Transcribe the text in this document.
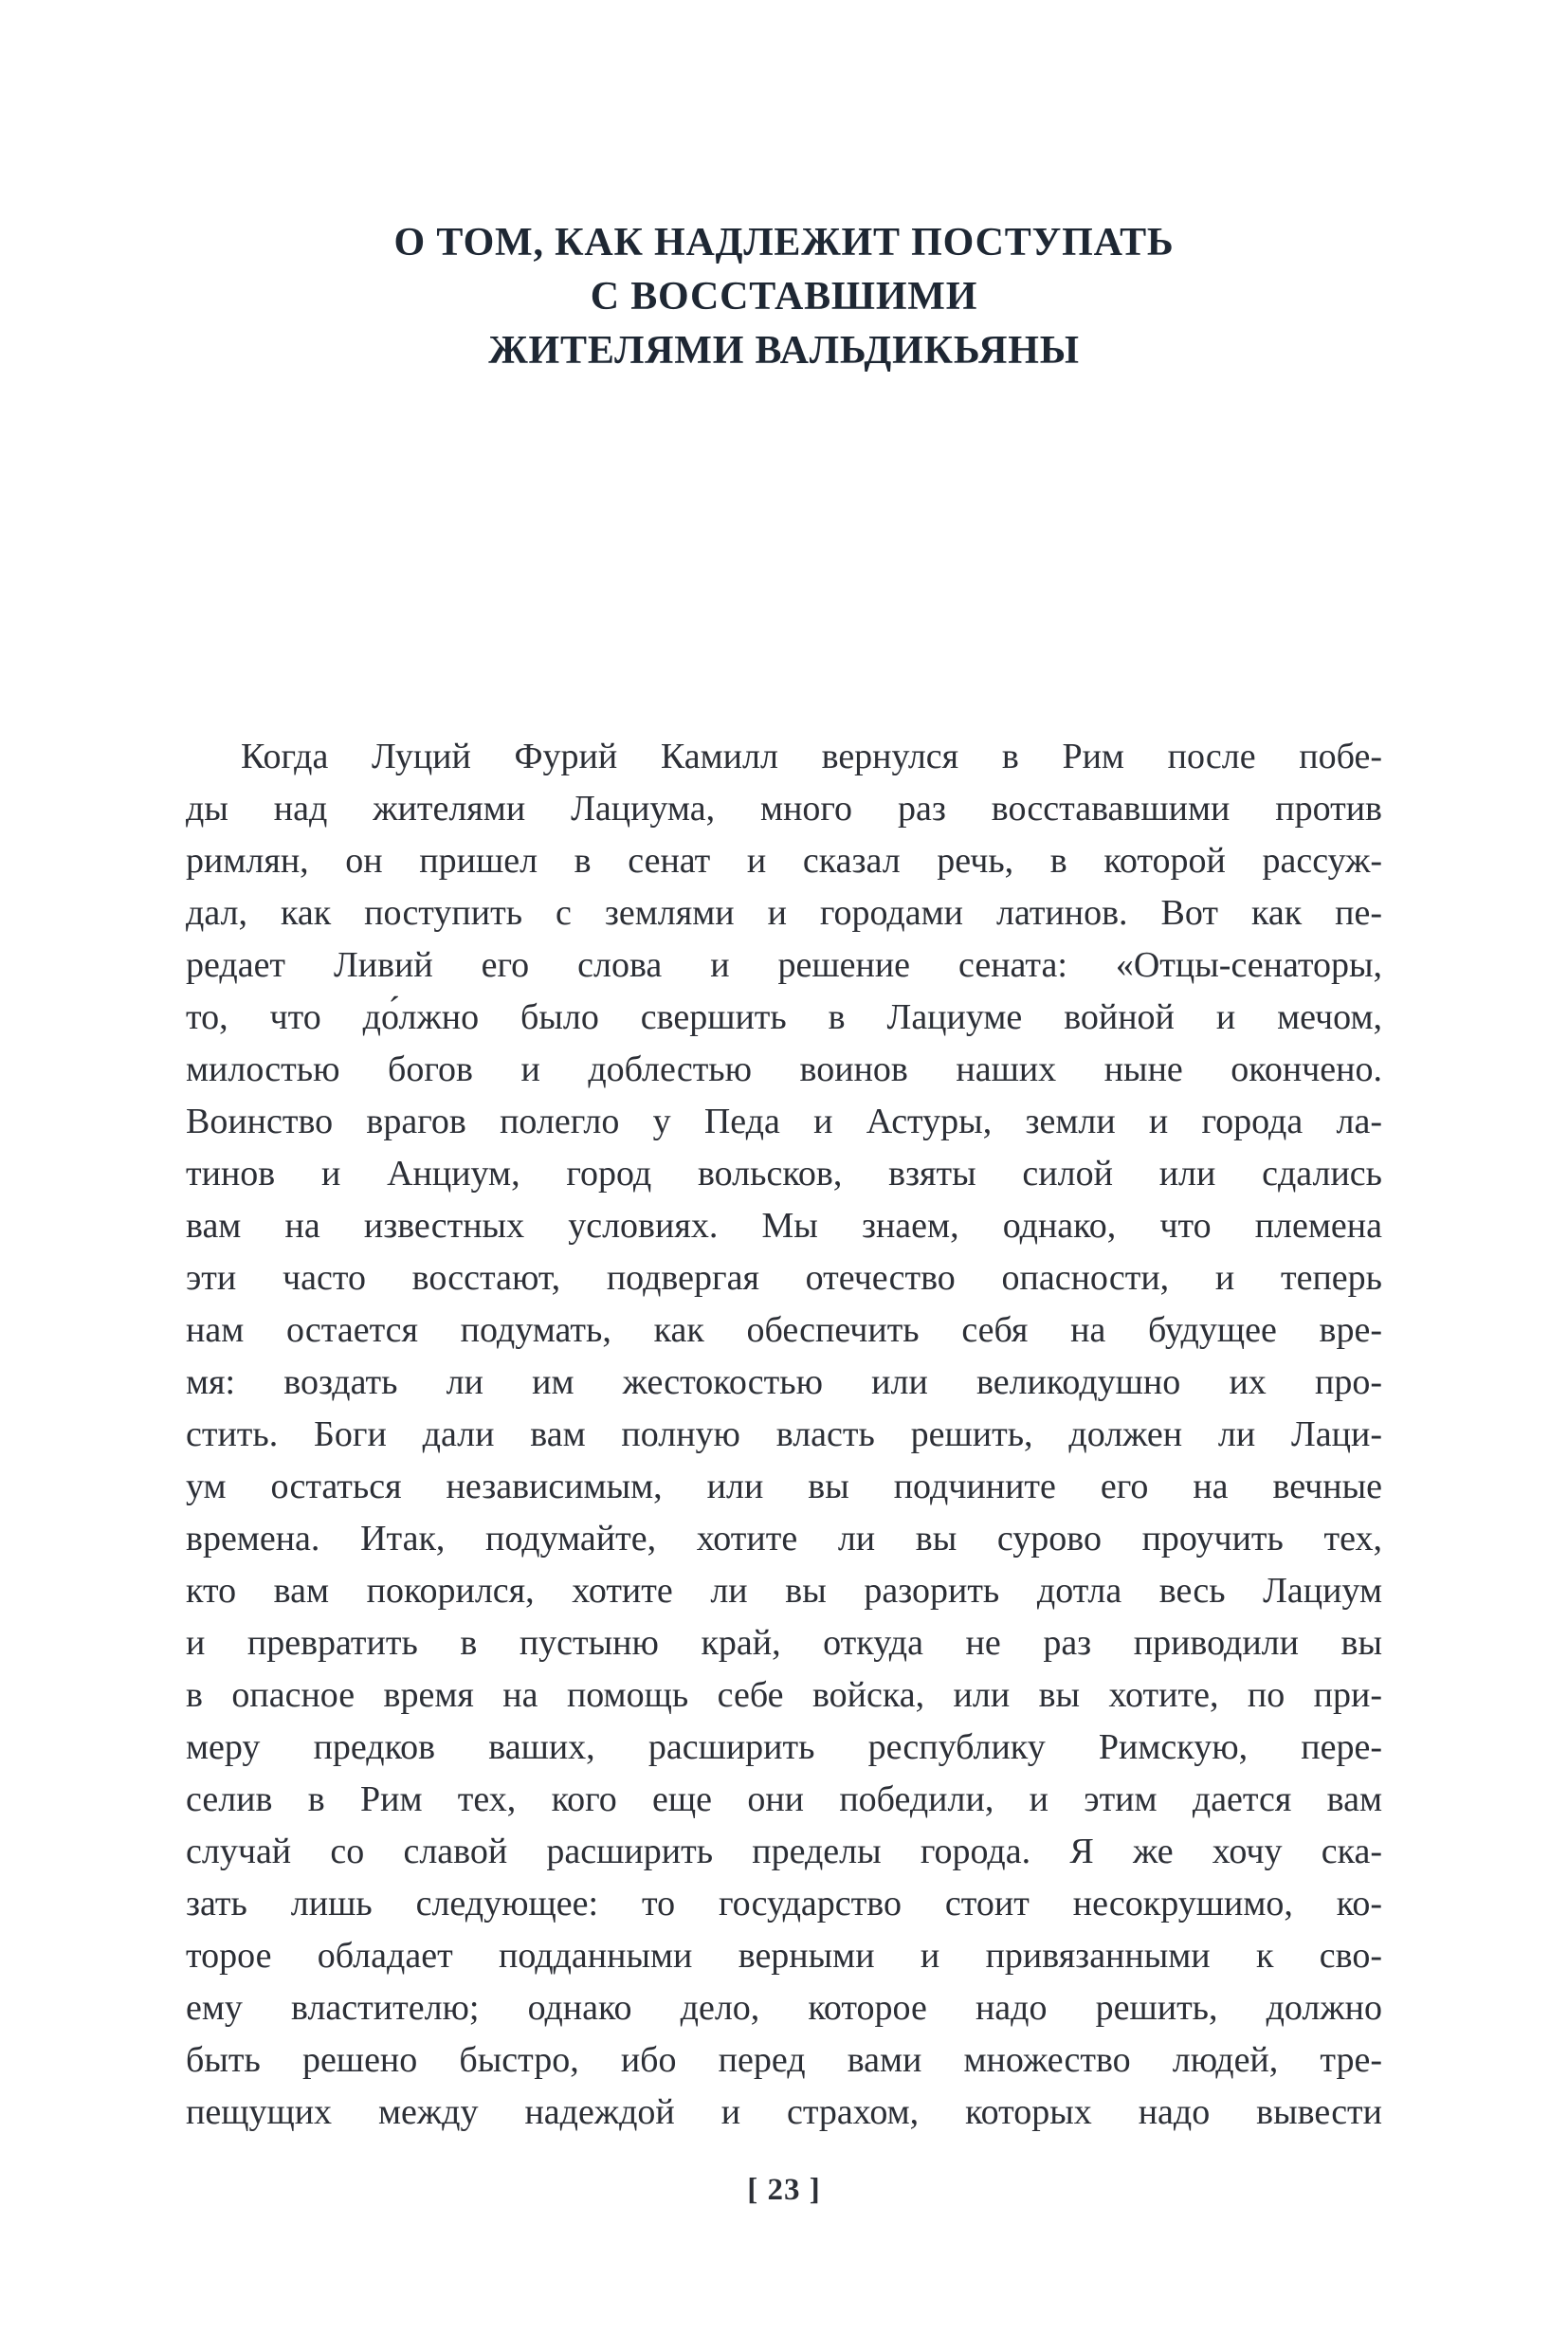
О ТОМ, КАК НАДЛЕЖИТ ПОСТУПАТЬ
С ВОССТАВШИМИ
ЖИТЕЛЯМИ ВАЛЬДИКЬЯНЫ
Когда Луций Фурий Камилл вернулся в Рим после побе-
ды над жителями Лациума, много раз восстававшими против
римлян, он пришел в сенат и сказал речь, в которой рассуж-
дал, как поступить с землями и городами латинов. Вот как пе-
редает Ливий его слова и решение сената: «Отцы-сенаторы,
то, что до́лжно было свершить в Лациуме войной и мечом,
милостью богов и доблестью воинов наших ныне окончено.
Воинство врагов полегло у Педа и Астуры, земли и города ла-
тинов и Анциум, город вольсков, взяты силой или сдались
вам на известных условиях. Мы знаем, однако, что племена
эти часто восстают, подвергая отечество опасности, и теперь
нам остается подумать, как обеспечить себя на будущее вре-
мя: воздать ли им жестокостью или великодушно их про-
стить. Боги дали вам полную власть решить, должен ли Лаци-
ум остаться независимым, или вы подчините его на вечные
времена. Итак, подумайте, хотите ли вы сурово проучить тех,
кто вам покорился, хотите ли вы разорить дотла весь Лациум
и превратить в пустыню край, откуда не раз приводили вы
в опасное время на помощь себе войска, или вы хотите, по при-
меру предков ваших, расширить республику Римскую, пере-
селив в Рим тех, кого еще они победили, и этим дается вам
случай со славой расширить пределы города. Я же хочу ска-
зать лишь следующее: то государство стоит несокрушимо, ко-
торое обладает подданными верными и привязанными к сво-
ему властителю; однако дело, которое надо решить, должно
быть решено быстро, ибо перед вами множество людей, тре-
пещущих между надеждой и страхом, которых надо вывести
[ 23 ]
